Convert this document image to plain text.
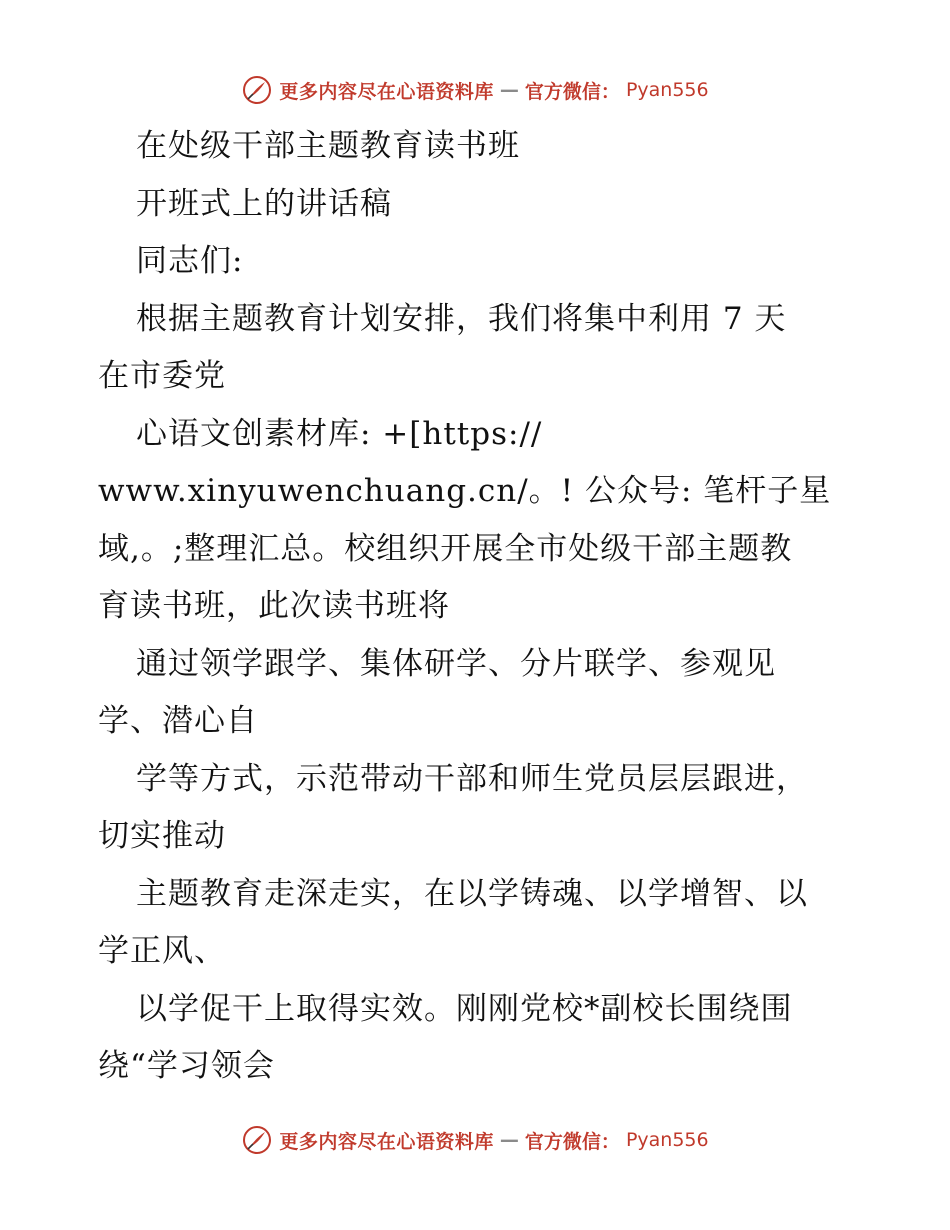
更多内容尽在心语资料库 — 官方微信： Pyan556
在处级干部主题教育读书班
开班式上的讲话稿
同志们:
根据主题教育计划安排，我们将集中利用 7 天
在市委党
心语文创素材库: +[https://
www.xinyuwenchuang.cn/。! 公众号: 笔杆子星
域,。;整理汇总。校组织开展全市处级干部主题教
育读书班，此次读书班将
通过领学跟学、集体研学、分片联学、参观见
学、潜心自
学等方式，示范带动干部和师生党员层层跟进，
切实推动
主题教育走深走实，在以学铸魂、以学增智、以
学正风、
以学促干上取得实效。刚刚党校*副校长围绕围
绕“学习领会
更多内容尽在心语资料库 — 官方微信： Pyan556
